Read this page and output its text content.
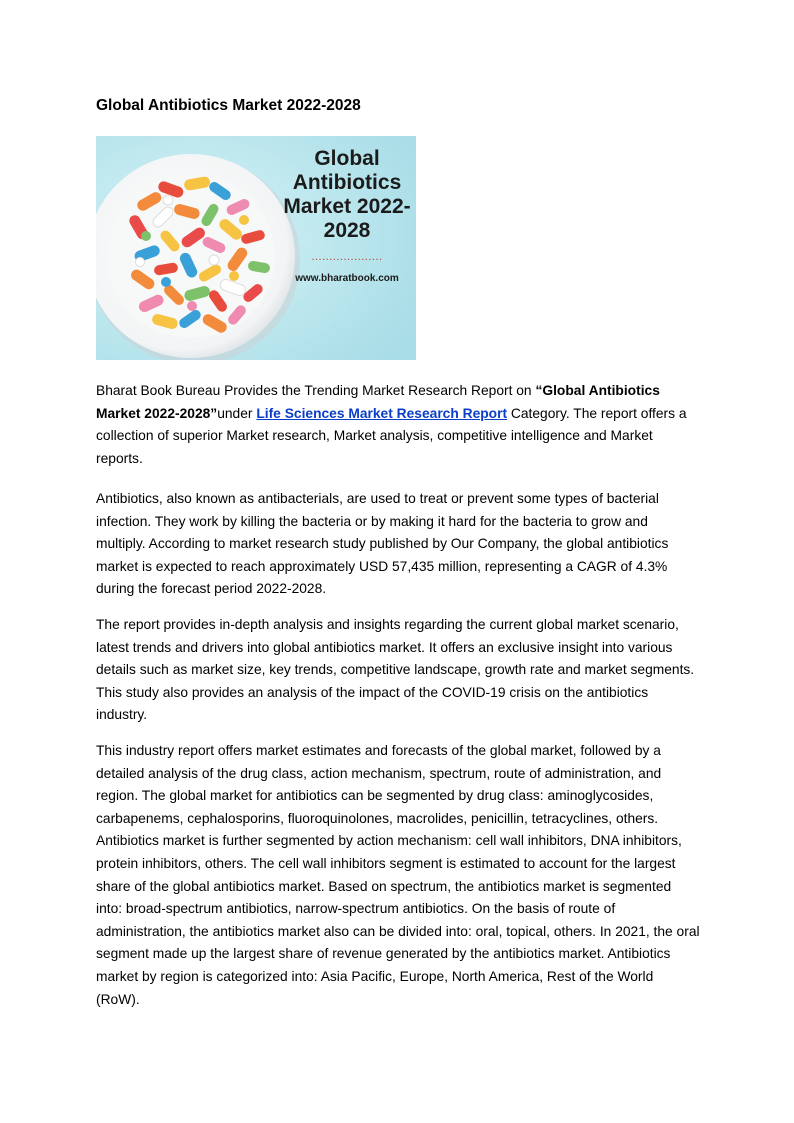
Global Antibiotics Market 2022-2028
Global
Antibiotics
Market 2022-
2028
....................
www.bharatbook.com

Bharat Book Bureau Provides the Trending Market Research Report on “Global Antibiotics Market 2022-2028”under Life Sciences Market Research Report Category. The report offers a collection of superior Market research, Market analysis, competitive intelligence and Market reports.

Antibiotics, also known as antibacterials, are used to treat or prevent some types of bacterial infection. They work by killing the bacteria or by making it hard for the bacteria to grow and multiply. According to market research study published by Our Company, the global antibiotics market is expected to reach approximately USD 57,435 million, representing a CAGR of 4.3% during the forecast period 2022-2028.

The report provides in-depth analysis and insights regarding the current global market scenario, latest trends and drivers into global antibiotics market. It offers an exclusive insight into various details such as market size, key trends, competitive landscape, growth rate and market segments. This study also provides an analysis of the impact of the COVID-19 crisis on the antibiotics industry.

This industry report offers market estimates and forecasts of the global market, followed by a detailed analysis of the drug class, action mechanism, spectrum, route of administration, and region. The global market for antibiotics can be segmented by drug class: aminoglycosides, carbapenems, cephalosporins, fluoroquinolones, macrolides, penicillin, tetracyclines, others. Antibiotics market is further segmented by action mechanism: cell wall inhibitors, DNA inhibitors, protein inhibitors, others. The cell wall inhibitors segment is estimated to account for the largest share of the global antibiotics market. Based on spectrum, the antibiotics market is segmented into: broad-spectrum antibiotics, narrow-spectrum antibiotics. On the basis of route of administration, the antibiotics market also can be divided into: oral, topical, others. In 2021, the oral segment made up the largest share of revenue generated by the antibiotics market. Antibiotics market by region is categorized into: Asia Pacific, Europe, North America, Rest of the World (RoW).
